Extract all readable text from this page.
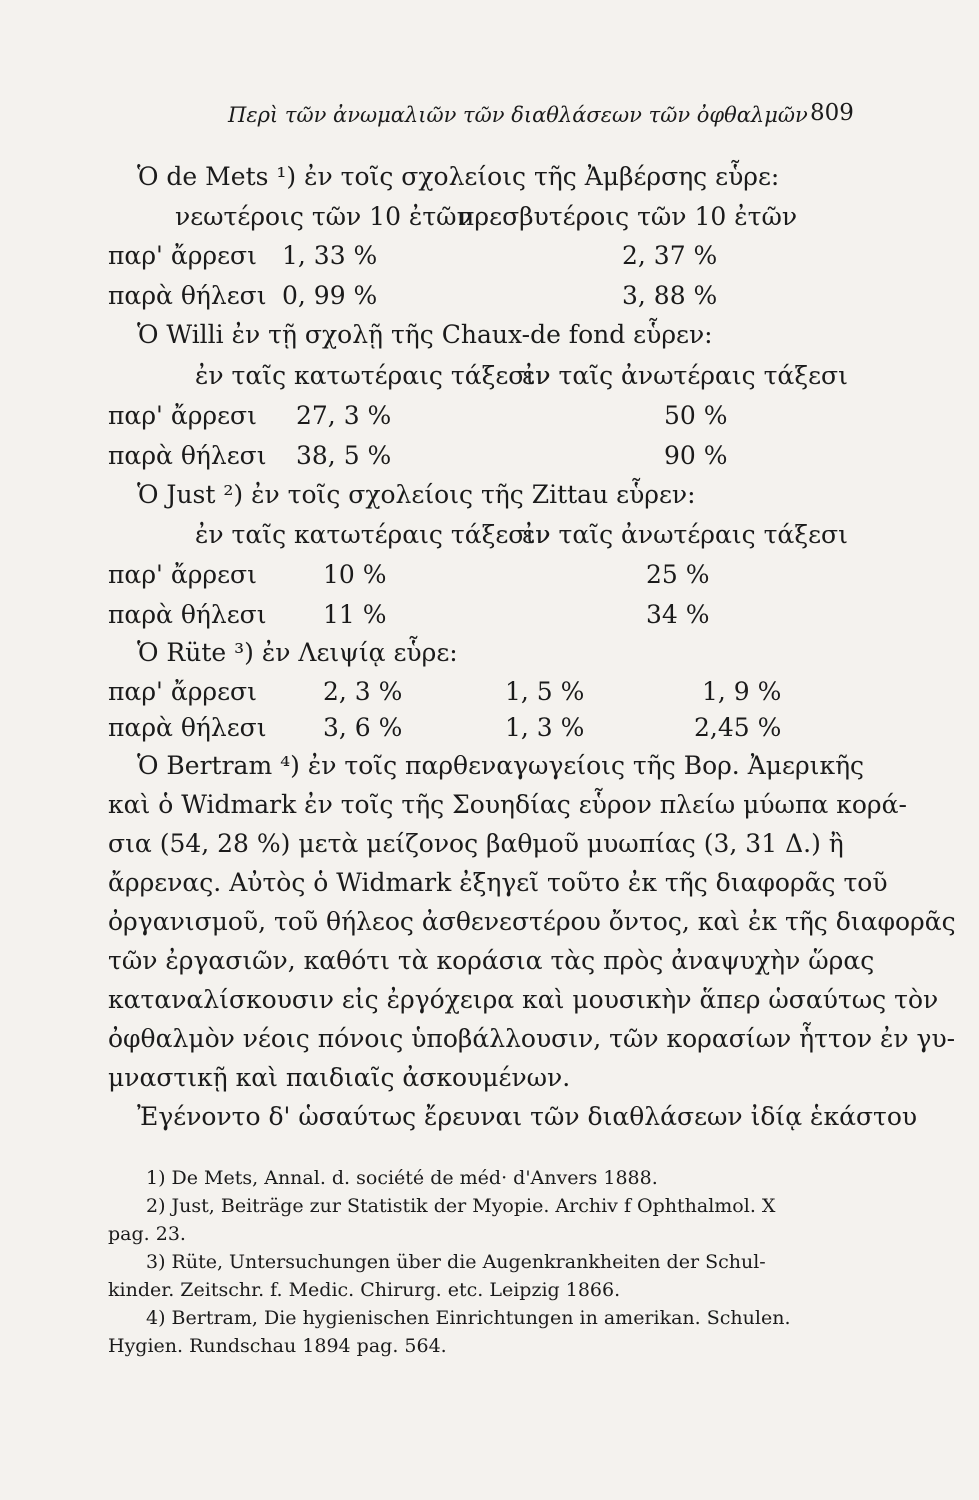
Περὶ τῶν ἀνωμαλιῶν τῶν διαθλάσεων τῶν ὀφθαλμῶν 809
Ὁ de Mets ¹) ἐν τοῖς σχολείοις τῆς Ἀμβέρσης εὗρε:
νεωτέροις τῶν 10 ἐτῶν
πρεσβυτέροις τῶν 10 ἐτῶν
παρ' ἄρρεσι 1, 33 %	2, 37 %
παρὰ θήλεσι 0, 99 %	3, 88 %
Ὁ Willi ἐν τῇ σχολῇ τῆς Chaux-de fond εὗρεν:
ἐν ταῖς κατωτέραις τάξεσιν
ἐν ταῖς ἀνωτέραις τάξεσι
παρ' ἄρρεσι 27, 3 %	50 %
παρὰ θήλεσι 38, 5 %	90 %
Ὁ Just ²) ἐν τοῖς σχολείοις τῆς Zittau εὗρεν:
ἐν ταῖς κατωτέραις τάξεσιν
ἐν ταῖς ἀνωτέραις τάξεσι
παρ' ἄρρεσι	10 %	25 %
παρὰ θήλεσι 11 %	34 %
Ὁ Rüte ³) ἐν Λειψίᾳ εὗρε:
παρ' ἄρρεσι	2, 3 %	1, 5 %	1, 9 %
παρὰ θήλεσι 3, 6 %	1, 3 %	2,45 %
Ὁ Bertram ⁴) ἐν τοῖς παρθεναγωγείοις τῆς Βορ. Ἀμερικῆς
καὶ ὁ Widmark ἐν τοῖς τῆς Σουηδίας εὗρον πλείω μύωπα κορά-
σια (54, 28 %) μετὰ μείζονος βαθμοῦ μυωπίας (3, 31 Δ.) ἢ
ἄρρενας. Αὐτὸς ὁ Widmark ἐξηγεῖ τοῦτο ἐκ τῆς διαφορᾶς τοῦ
ὀργανισμοῦ, τοῦ θήλεος ἀσθενεστέρου ὄντος, καὶ ἐκ τῆς διαφορᾶς
τῶν ἐργασιῶν, καθότι τὰ κοράσια τὰς πρὸς ἀναψυχὴν ὥρας
καταναλίσκουσιν εἰς ἐργόχειρα καὶ μουσικὴν ἅπερ ὡσαύτως τὸν
ὀφθαλμὸν νέοις πόνοις ὑποβάλλουσιν, τῶν κορασίων ἧττον ἐν γυ-
μναστικῇ καὶ παιδιαῖς ἀσκουμένων.
Ἐγένοντο δ' ὡσαύτως ἔρευναι τῶν διαθλάσεων ἰδίᾳ ἑκάστου
1) De Mets, Annal. d. société de méd· d'Anvers 1888.
2) Just, Beiträge zur Statistik der Myopie. Archiv f Ophthalmol. X
pag. 23.
3) Rüte, Untersuchungen über die Augenkrankheiten der Schul-
kinder. Zeitschr. f. Medic. Chirurg. etc. Leipzig 1866.
4) Bertram, Die hygienischen Einrichtungen in amerikan. Schulen.
Hygien. Rundschau 1894 pag. 564.
